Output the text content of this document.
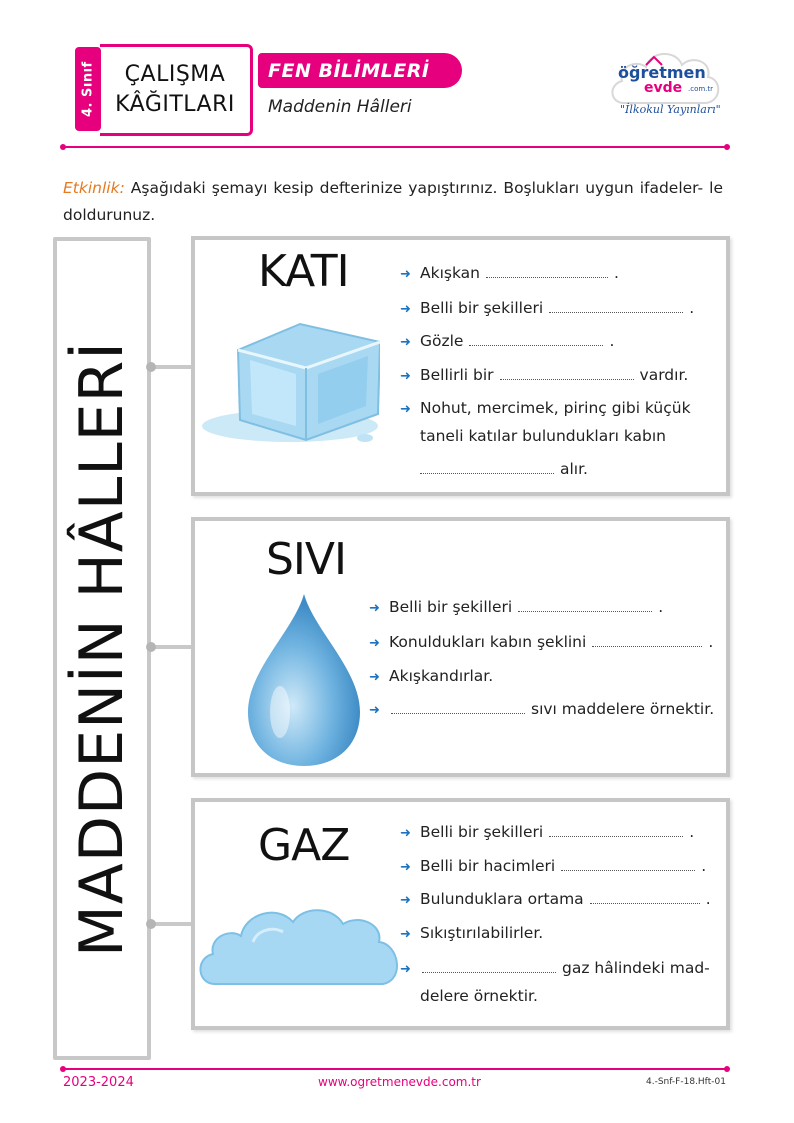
4. Sınıf ÇALIŞMA
KÂĞITLARI
FEN BİLİMLERİ
Maddenin Hâlleri
öğretmen
evde .com.tr
"İlkokul Yayınları"
Etkinlik: Aşağıdaki şemayı kesip defterinize yapıştırınız. Boşlukları uygun ifadeler- le doldurunuz.
MADDENİN HÂLLERİ
KATI	➜ Akışkan	.
➜ Belli bir şekilleri	.
➜ Gözle	.
➜ Bellirli bir	vardır.
➜ Nohut, mercimek, pirinç gibi küçük
taneli katılar bulundukları kabın
alır.
SIVI
➜ Belli bir şekilleri	.
➜ Konuldukları kabın şeklini	.
➜ Akışkandırlar.
➜	sıvı maddelere örnektir.
GAZ	➜ Belli bir şekilleri	.
➜ Belli bir hacimleri	.
➜ Bulunduklara ortama	.
➜ Sıkıştırılabilirler.
➜	gaz hâlindeki mad-
delere örnektir.
2023-2024	www.ogretmenevde.com.tr	4.-Snf-F-18.Hft-01
